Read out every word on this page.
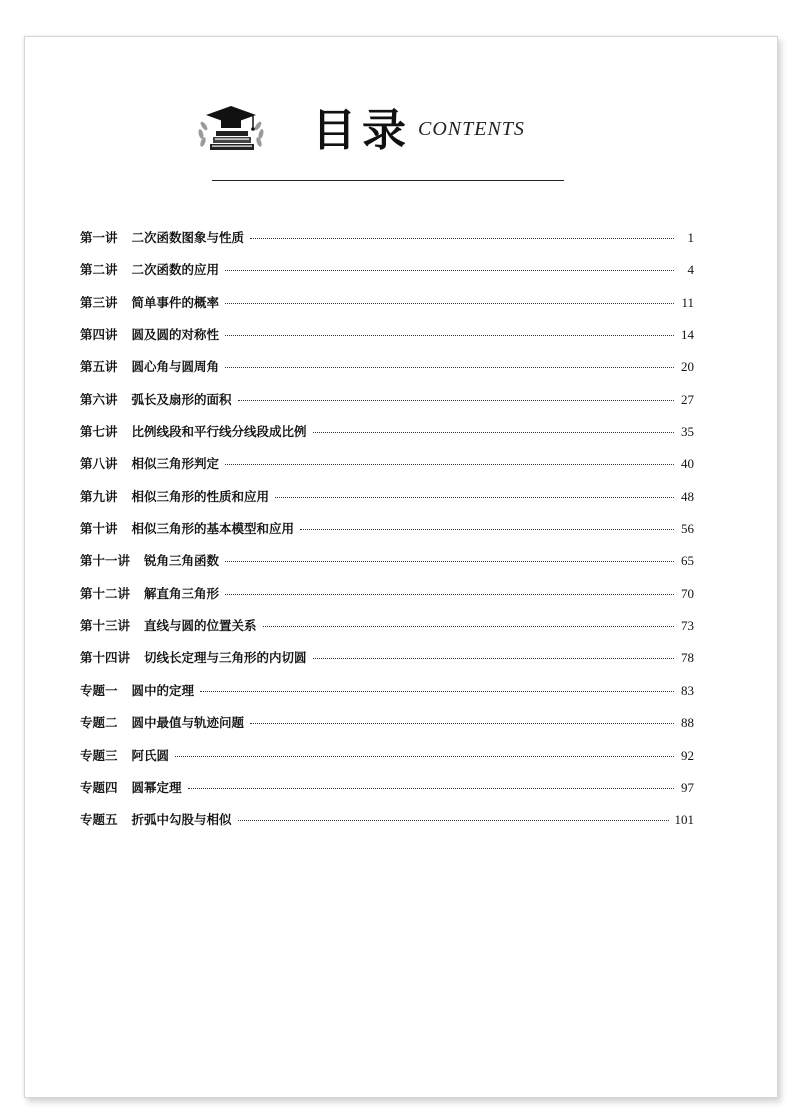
目录 CONTENTS
第一讲 二次函数图象与性质	1
第二讲 二次函数的应用	4
第三讲 简单事件的概率	11
第四讲 圆及圆的对称性	14
第五讲 圆心角与圆周角	20
第六讲 弧长及扇形的面积	27
第七讲 比例线段和平行线分线段成比例	35
第八讲 相似三角形判定	40
第九讲 相似三角形的性质和应用	48
第十讲 相似三角形的基本模型和应用	56
第十一讲 锐角三角函数	65
第十二讲 解直角三角形	70
第十三讲 直线与圆的位置关系	73
第十四讲 切线长定理与三角形的内切圆	78
专题一 圆中的定理	83
专题二 圆中最值与轨迹问题	88
专题三 阿氏圆	92
专题四 圆幂定理	97
专题五 折弧中勾股与相似	101
